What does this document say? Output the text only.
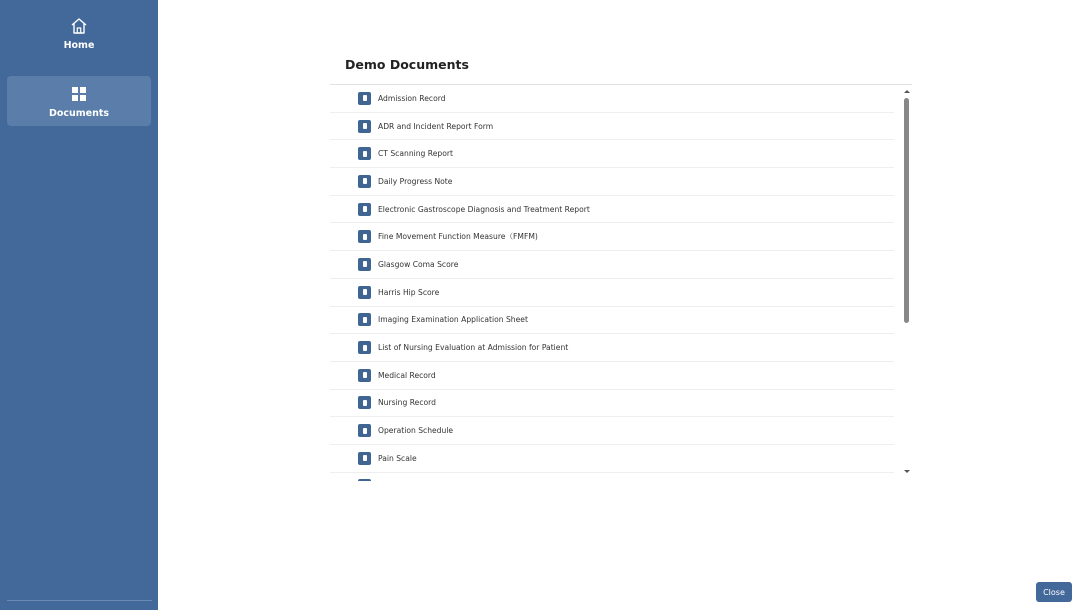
Home
Documents
Demo Documents
Admission Record
ADR and Incident Report Form
CT Scanning Report
Daily Progress Note
Electronic Gastroscope Diagnosis and Treatment Report
Fine Movement Function Measure（FMFM)
Glasgow Coma Score
Harris Hip Score
Imaging Examination Application Sheet
List of Nursing Evaluation at Admission for Patient
Medical Record
Nursing Record
Operation Schedule
Pain Scale
Close
